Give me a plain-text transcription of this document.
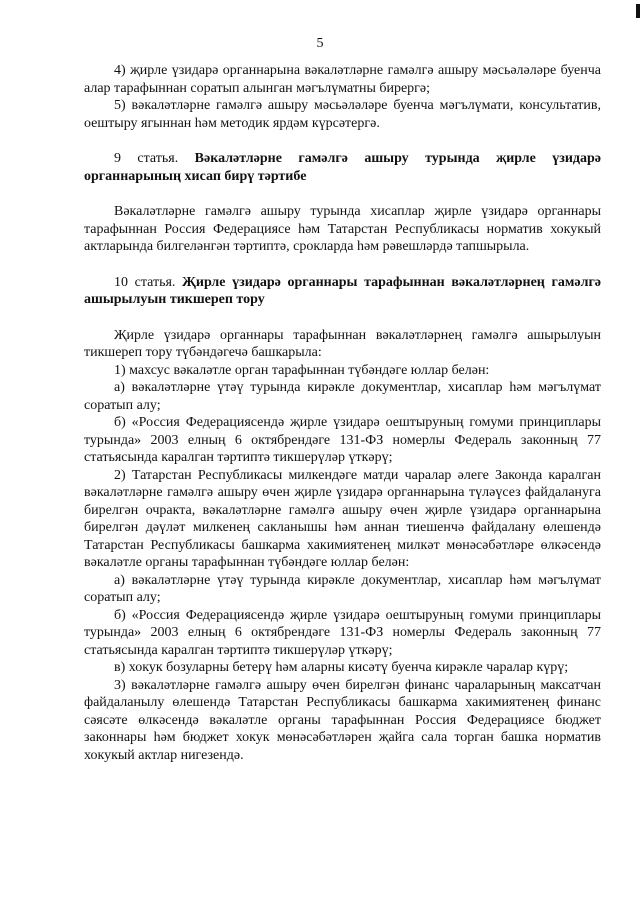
5

4) җирле үзидарә органнарына вәкаләтләрне гамәлгә ашыру мәсьәләләре буенча алар тарафыннан соратып алынган мәгълүматны бирергә;

5) вәкаләтләрне гамәлгә ашыру мәсьәләләре буенча мәгълүмати, консультатив, оештыру ягыннан һәм методик ярдәм күрсәтергә.

9 статья. Вәкаләтләрне гамәлгә ашыру турында җирле үзидарә органнарының хисап бирү тәртибе

Вәкаләтләрне гамәлгә ашыру турында хисаплар җирле үзидарә органнары тарафыннан Россия Федерациясе һәм Татарстан Республикасы норматив хокукый актларында билгеләнгән тәртиптә, срокларда һәм рәвешләрдә тапшырыла.

10 статья. Җирле үзидарә органнары тарафыннан вәкаләтләрнең гамәлгә ашырылуын тикшереп тору

Җирле үзидарә органнары тарафыннан вәкаләтләрнең гамәлгә ашырылуын тикшереп тору түбәндәгечә башкарыла:

1) махсус вәкаләтле орган тарафыннан түбәндәге юллар белән:

а) вәкаләтләрне үтәү турында кирәкле документлар, хисаплар һәм мәгълүмат соратып алу;

б) «Россия Федерациясендә җирле үзидарә оештыруның гомуми принциплары турында» 2003 елның 6 октябрендәге 131-ФЗ номерлы Федераль законның 77 статьясында каралган тәртиптә тикшерүләр үткәрү;

2) Татарстан Республикасы милкендәге матди чаралар әлеге Законда каралган вәкаләтләрне гамәлгә ашыру өчен җирле үзидарә органнарына түләүсез файдалануга бирелгән очракта, вәкаләтләрне гамәлгә ашыру өчен җирле үзидарә органнарына бирелгән дәүләт милкенең сакланышы һәм аннан тиешенчә файдалану өлешендә Татарстан Республикасы башкарма хакимиятенең милкәт мөнәсәбәтләре өлкәсендә вәкаләтле органы тарафыннан түбәндәге юллар белән:

а) вәкаләтләрне үтәү турында кирәкле документлар, хисаплар һәм мәгълүмат соратып алу;

б) «Россия Федерациясендә җирле үзидарә оештыруның гомуми принциплары турында» 2003 елның 6 октябрендәге 131-ФЗ номерлы Федераль законның 77 статьясында каралган тәртиптә тикшерүләр үткәрү;

в) хокук бозуларны бетерү һәм аларны кисәтү буенча кирәкле чаралар күрү;

3) вәкаләтләрне гамәлгә ашыру өчен бирелгән финанс чараларының максатчан файдаланылу өлешендә Татарстан Республикасы башкарма хакимиятенең финанс сәясәте өлкәсендә вәкаләтле органы тарафыннан Россия Федерациясе бюджет законнары һәм бюджет хокук мөнәсәбәтләрен җайга сала торган башка норматив хокукый актлар нигезендә.
